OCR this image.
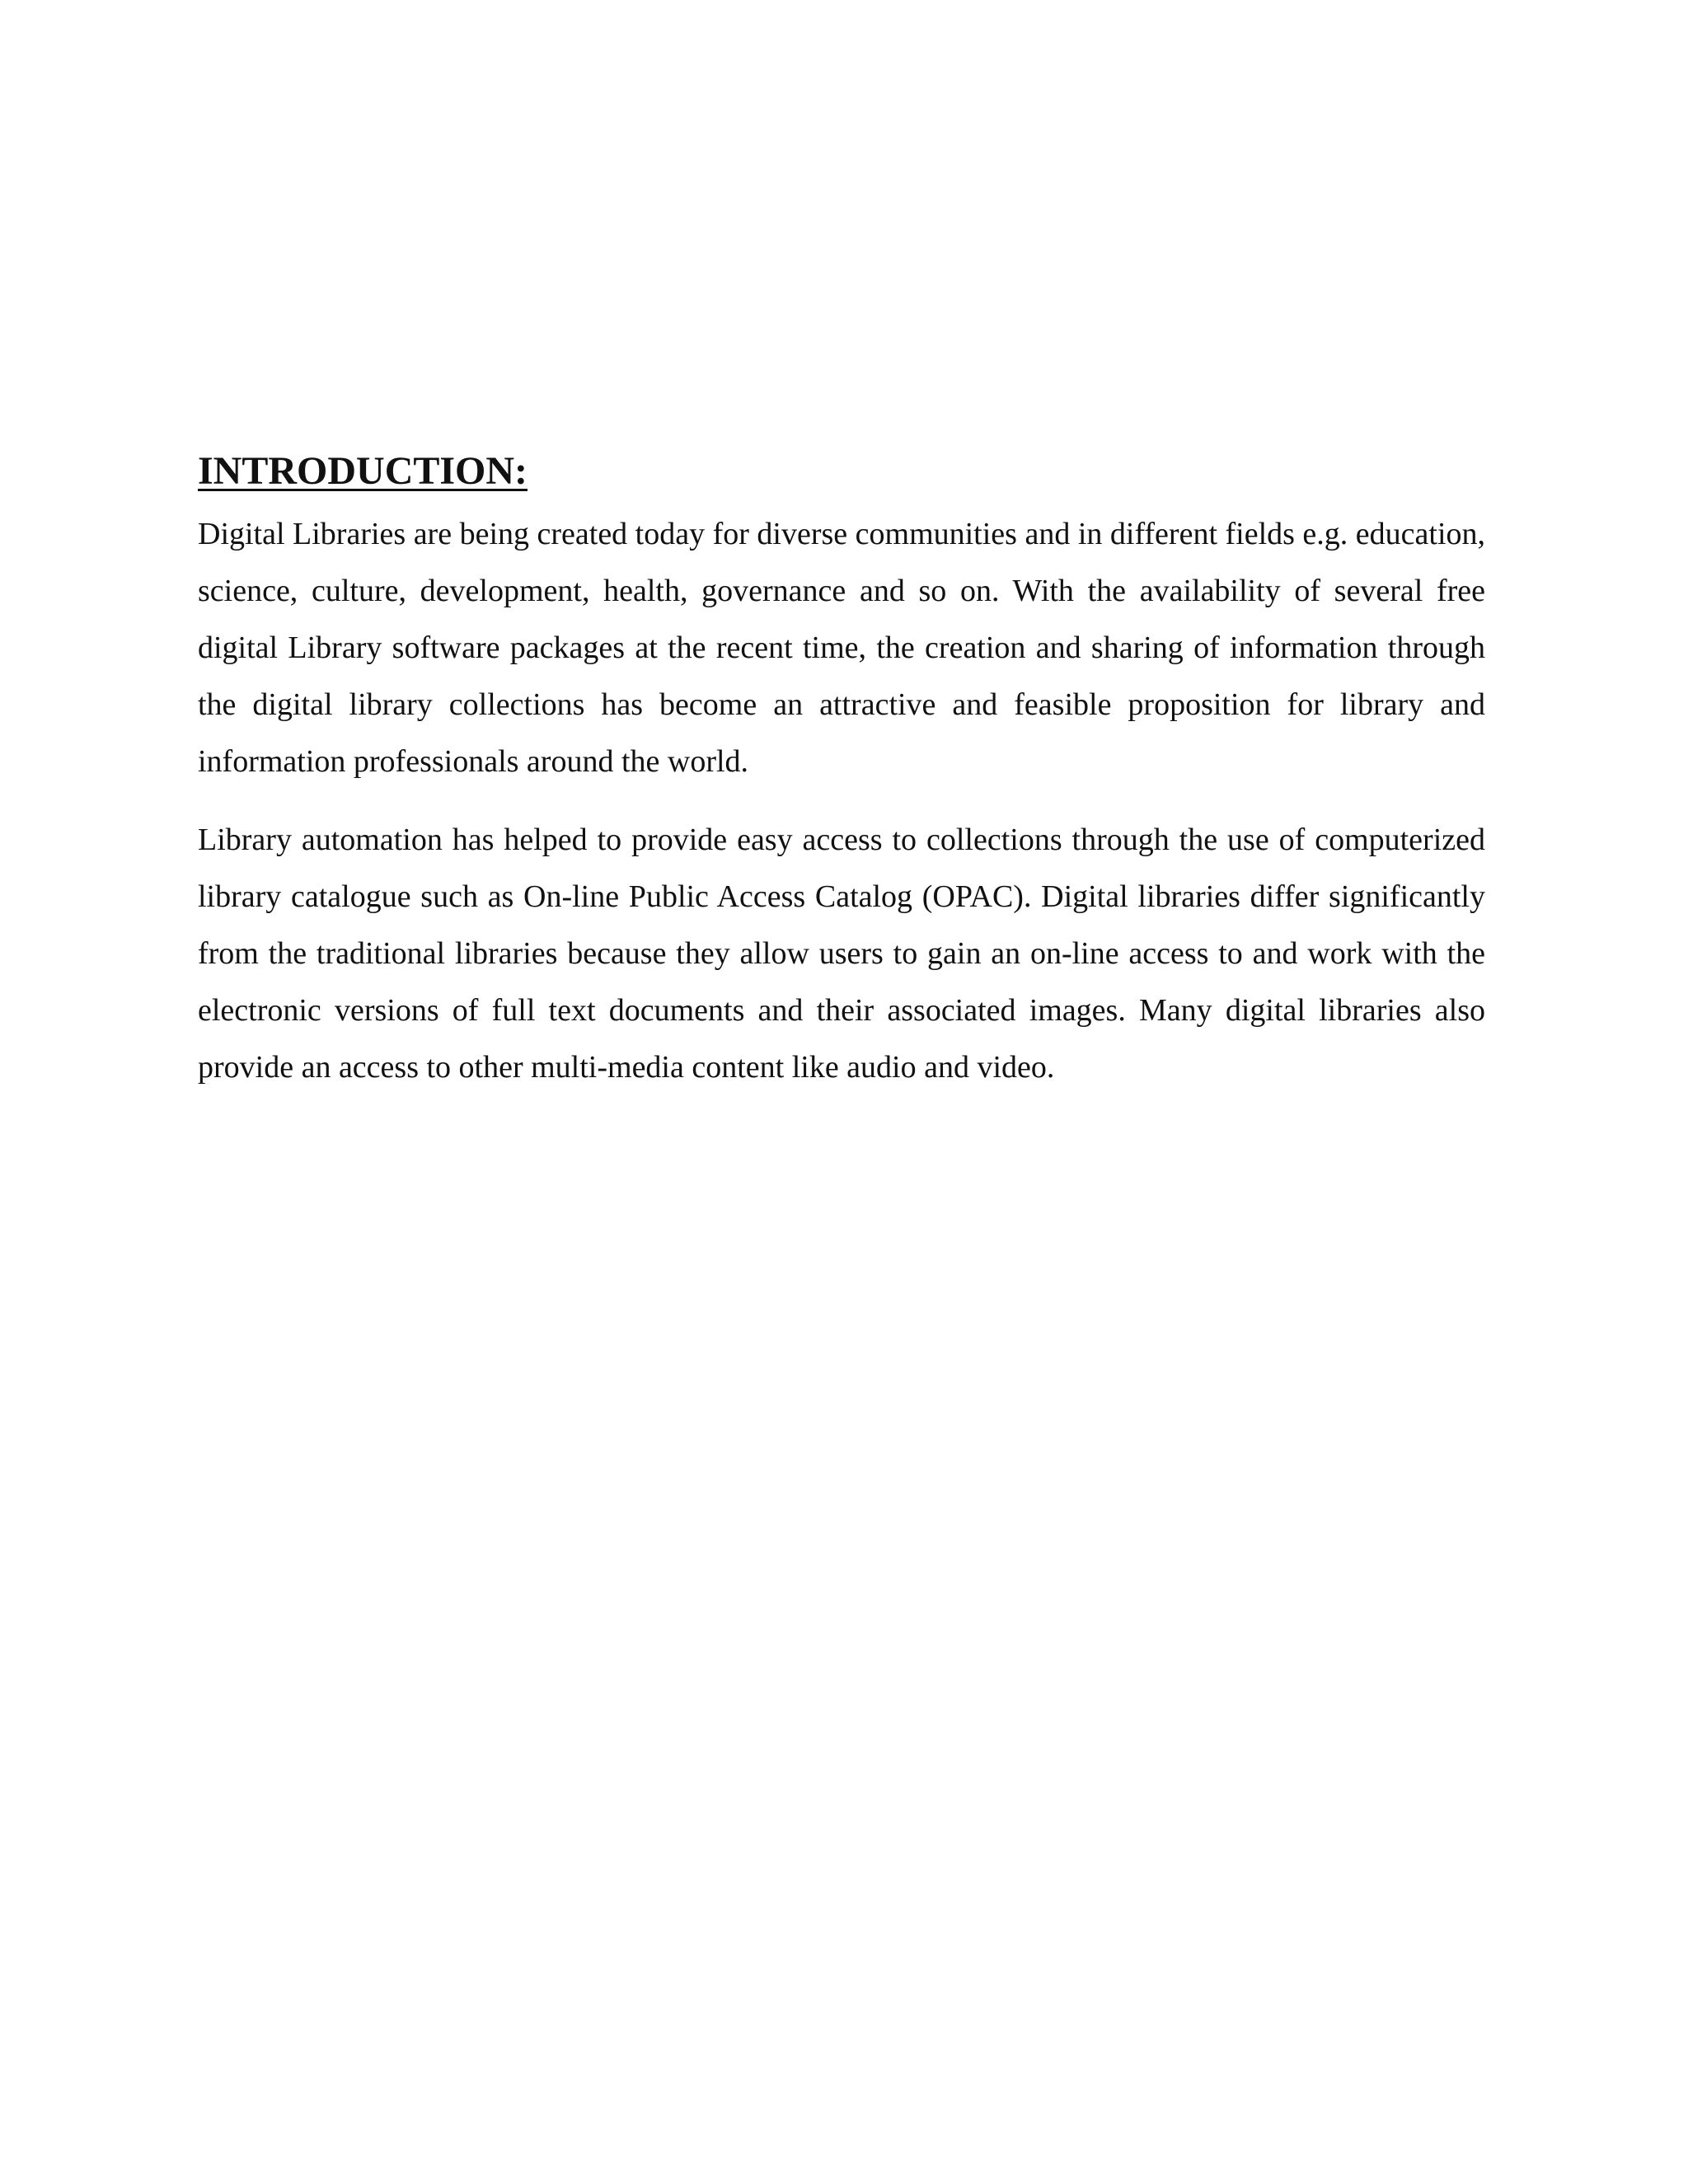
INTRODUCTION:

Digital Libraries are being created today for diverse communities and in different fields e.g. education, science, culture, development, health, governance and so on. With the availability of several free digital Library software packages at the recent time, the creation and sharing of information through the digital library collections has become an attractive and feasible proposition for library and information professionals around the world.

Library automation has helped to provide easy access to collections through the use of computerized library catalogue such as On-line Public Access Catalog (OPAC). Digital libraries differ significantly from the traditional libraries because they allow users to gain an on-line access to and work with the electronic versions of full text documents and their associated images. Many digital libraries also provide an access to other multi-media content like audio and video.
